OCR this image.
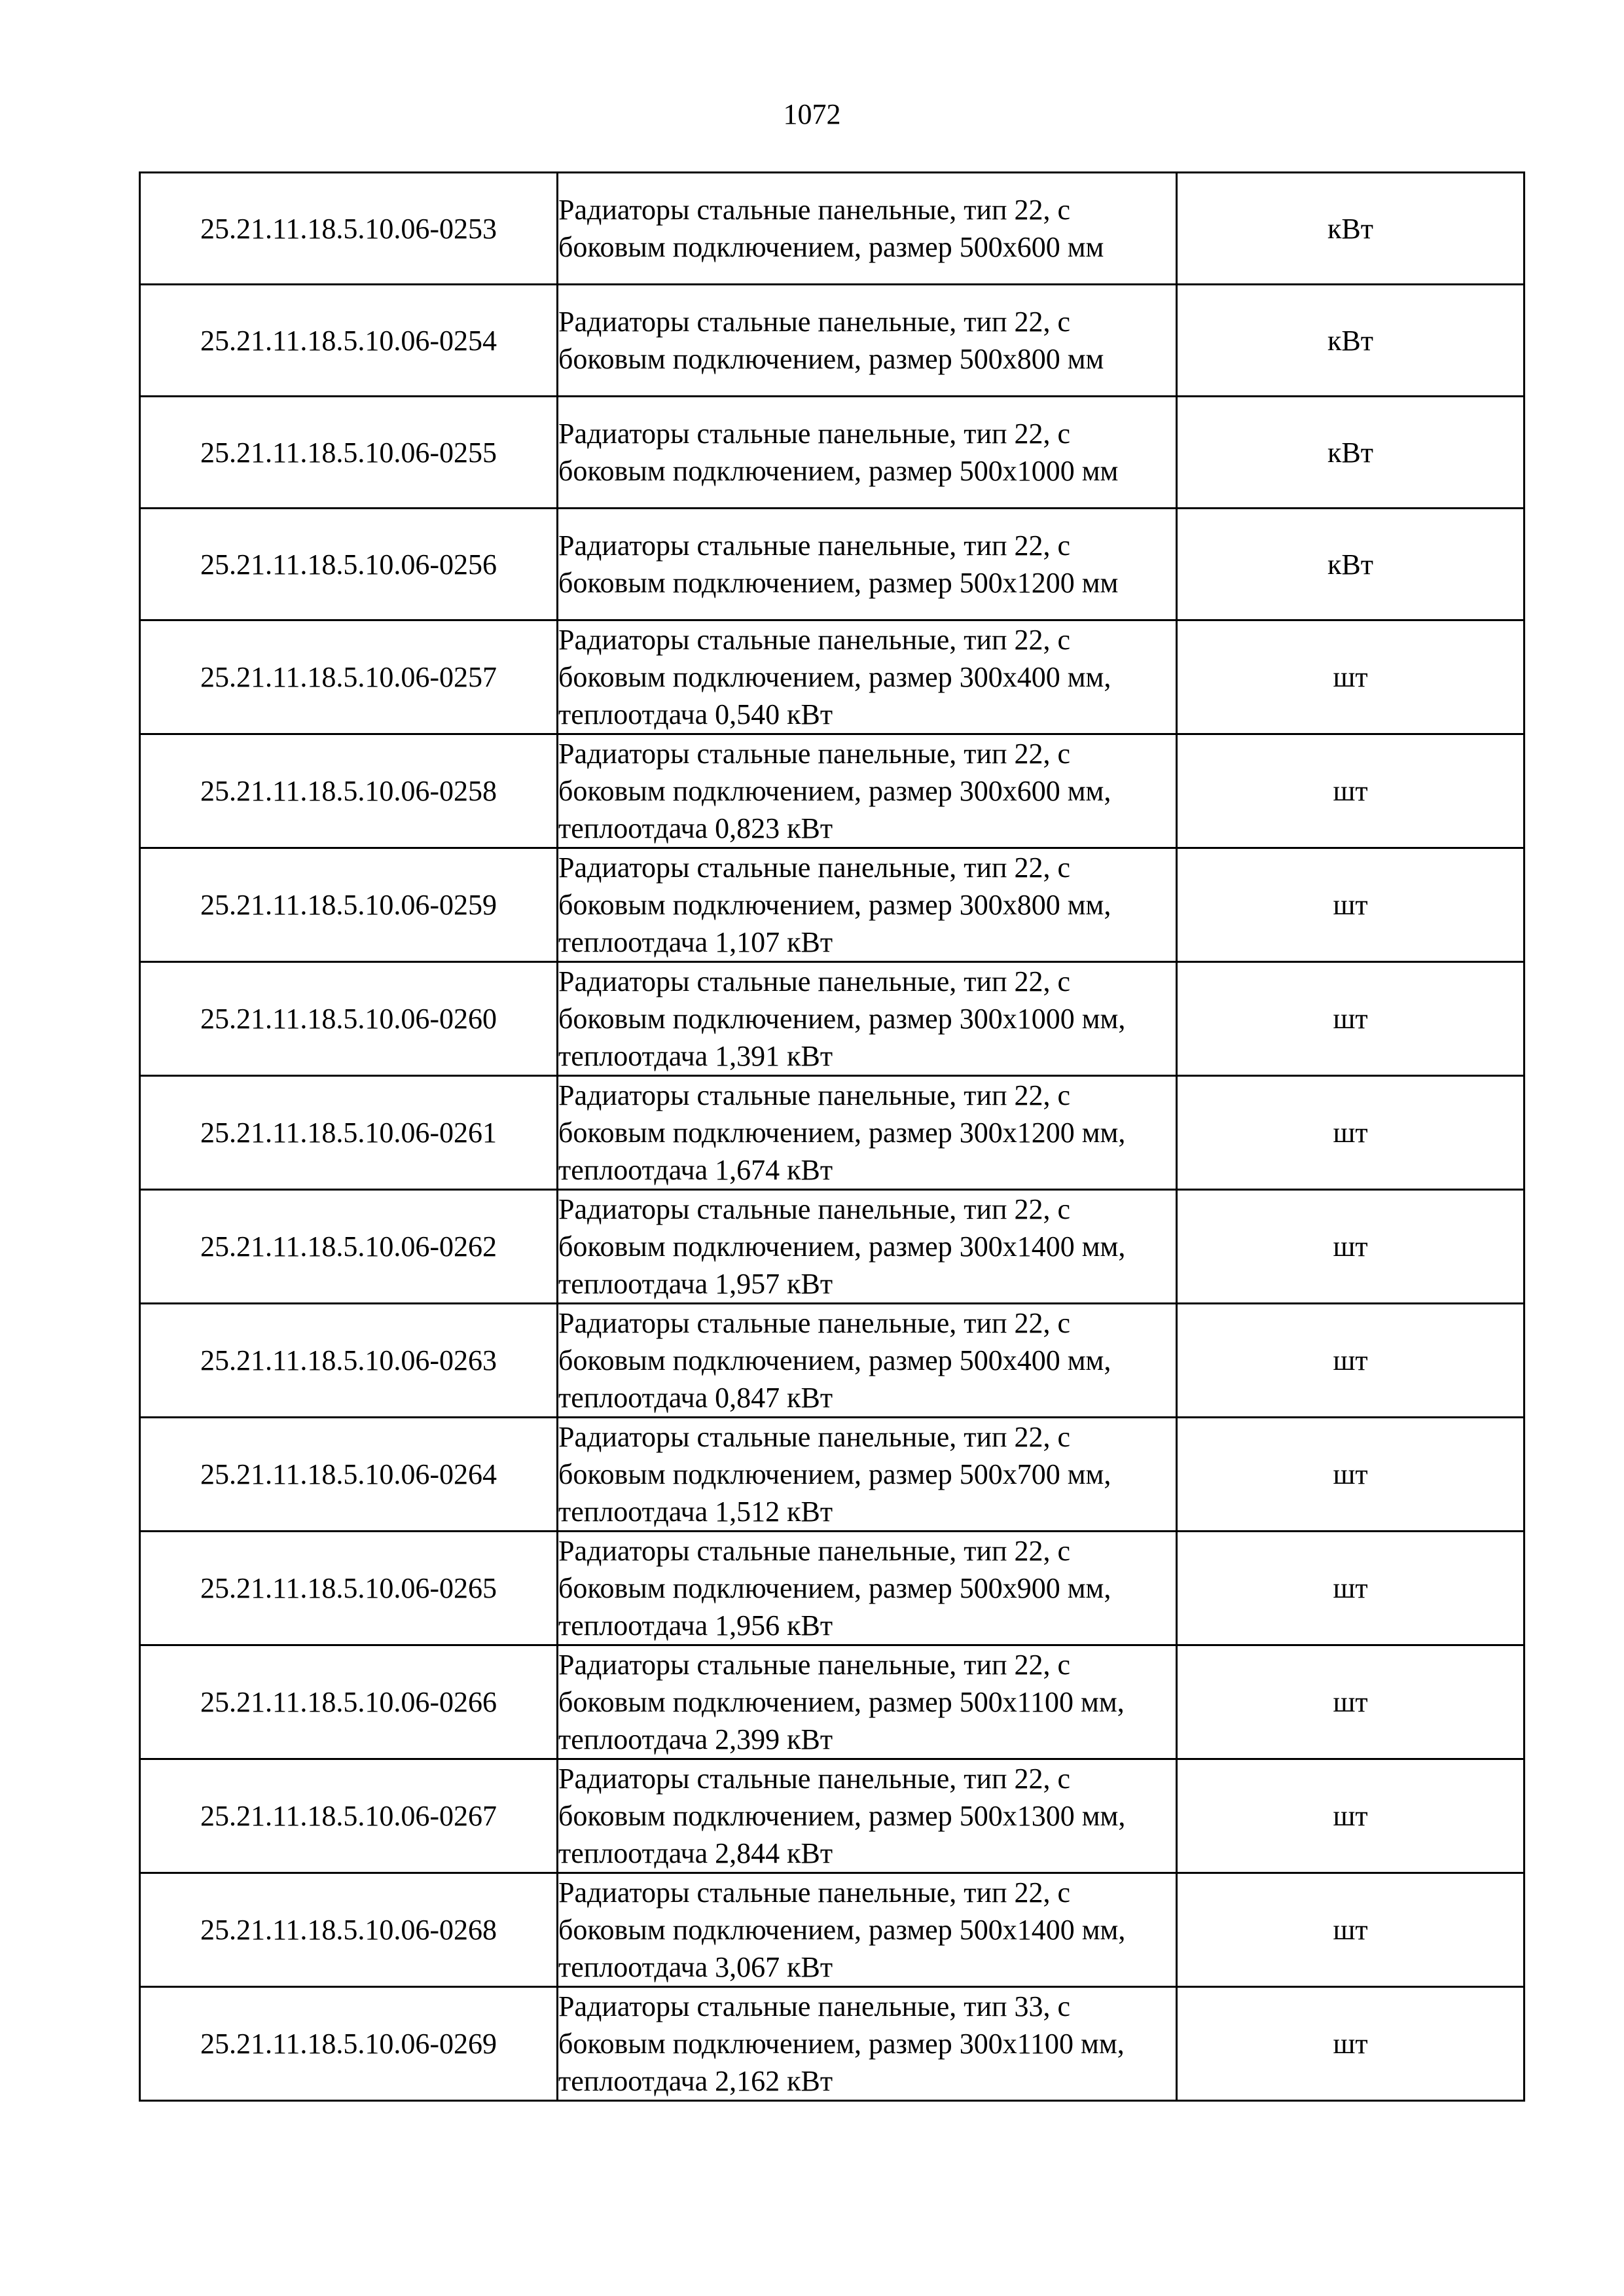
1072
25.21.11.18.5.10.06-0253	Радиаторы стальные панельные, тип 22, с боковым подключением, размер 500х600 мм	кВт
25.21.11.18.5.10.06-0254	Радиаторы стальные панельные, тип 22, с боковым подключением, размер 500х800 мм	кВт
25.21.11.18.5.10.06-0255	Радиаторы стальные панельные, тип 22, с боковым подключением, размер 500х1000 мм	кВт
25.21.11.18.5.10.06-0256	Радиаторы стальные панельные, тип 22, с боковым подключением, размер 500х1200 мм	кВт
25.21.11.18.5.10.06-0257	Радиаторы стальные панельные, тип 22, с боковым подключением, размер 300х400 мм, теплоотдача 0,540 кВт	шт
25.21.11.18.5.10.06-0258	Радиаторы стальные панельные, тип 22, с боковым подключением, размер 300х600 мм, теплоотдача 0,823 кВт	шт
25.21.11.18.5.10.06-0259	Радиаторы стальные панельные, тип 22, с боковым подключением, размер 300х800 мм, теплоотдача 1,107 кВт	шт
25.21.11.18.5.10.06-0260	Радиаторы стальные панельные, тип 22, с боковым подключением, размер 300х1000 мм, теплоотдача 1,391 кВт	шт
25.21.11.18.5.10.06-0261	Радиаторы стальные панельные, тип 22, с боковым подключением, размер 300х1200 мм, теплоотдача 1,674 кВт	шт
25.21.11.18.5.10.06-0262	Радиаторы стальные панельные, тип 22, с боковым подключением, размер 300х1400 мм, теплоотдача 1,957 кВт	шт
25.21.11.18.5.10.06-0263	Радиаторы стальные панельные, тип 22, с боковым подключением, размер 500х400 мм, теплоотдача 0,847 кВт	шт
25.21.11.18.5.10.06-0264	Радиаторы стальные панельные, тип 22, с боковым подключением, размер 500х700 мм, теплоотдача 1,512 кВт	шт
25.21.11.18.5.10.06-0265	Радиаторы стальные панельные, тип 22, с боковым подключением, размер 500х900 мм, теплоотдача 1,956 кВт	шт
25.21.11.18.5.10.06-0266	Радиаторы стальные панельные, тип 22, с боковым подключением, размер 500х1100 мм, теплоотдача 2,399 кВт	шт
25.21.11.18.5.10.06-0267	Радиаторы стальные панельные, тип 22, с боковым подключением, размер 500х1300 мм, теплоотдача 2,844 кВт	шт
25.21.11.18.5.10.06-0268	Радиаторы стальные панельные, тип 22, с боковым подключением, размер 500х1400 мм, теплоотдача 3,067 кВт	шт
25.21.11.18.5.10.06-0269	Радиаторы стальные панельные, тип 33, с боковым подключением, размер 300х1100 мм, теплоотдача 2,162 кВт	шт
